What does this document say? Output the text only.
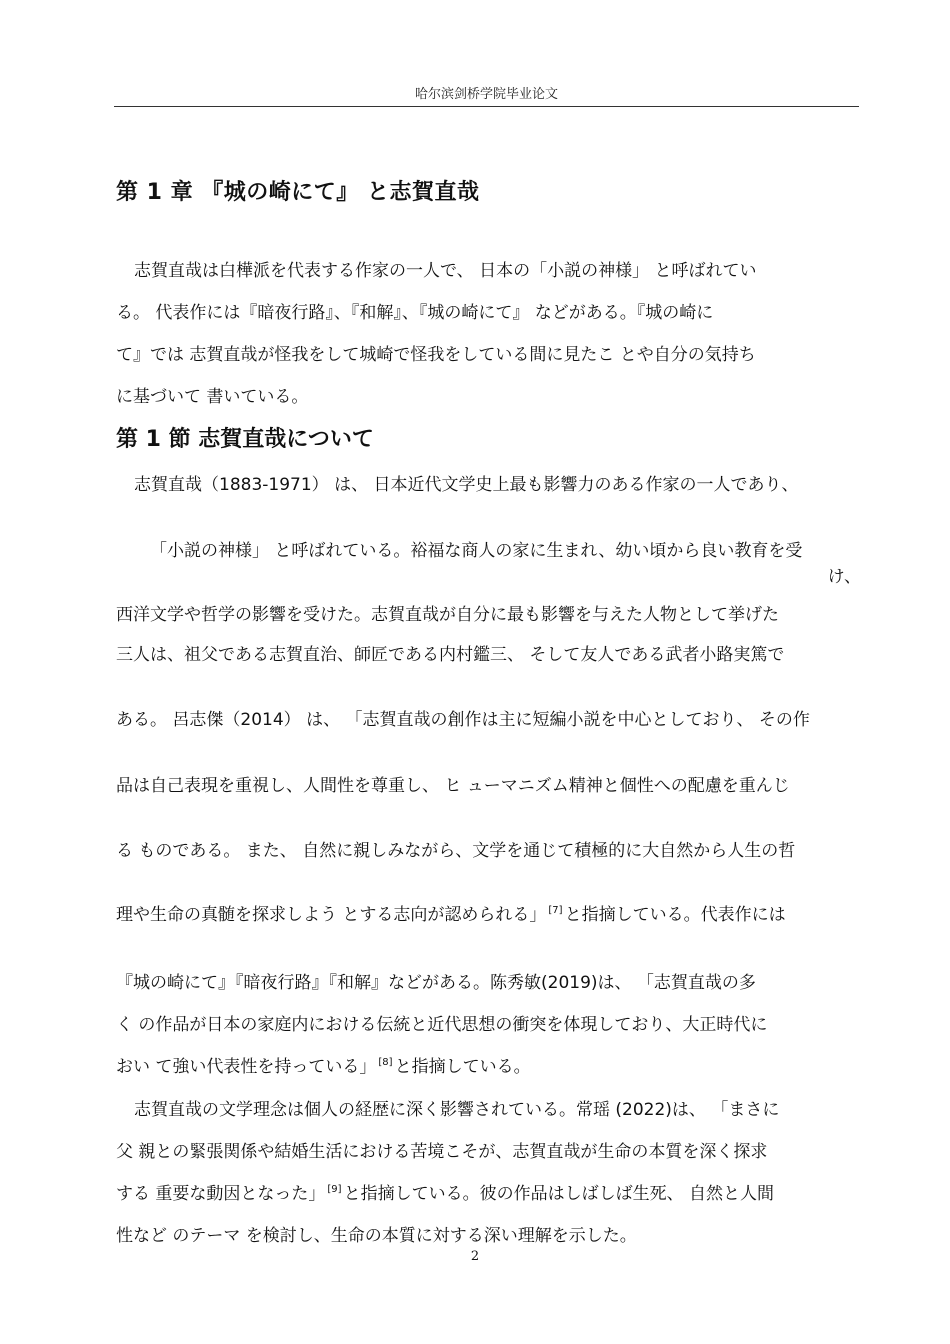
哈尔滨剑桥学院毕业论文
第 1 章 『城の崎にて』 と志賀直哉

志賀直哉は白樺派を代表する作家の一人で、 日本の「小説の神様」 と呼ばれてい

る。 代表作には『暗夜行路』、『和解』、『城の崎にて』 などがある。『城の崎に

て』では 志賀直哉が怪我をして城崎で怪我をしている間に見たこ とや自分の気持ち

に基づいて 書いている。

第 1 節 志賀直哉について

志賀直哉（1883-1971） は、 日本近代文学史上最も影響力のある作家の一人であり、

「小説の神様」 と呼ばれている。裕福な商人の家に生まれ、幼い頃から良い教育を受

け、

西洋文学や哲学の影響を受けた。志賀直哉が自分に最も影響を与えた人物として挙げた

三人は、祖父である志賀直治、師匠である内村鑑三、 そして友人である武者小路実篤で

ある。 呂志傑（2014） は、 「志賀直哉の創作は主に短編小説を中心としており、 その作

品は自己表現を重視し、人間性を尊重し、 ヒ ューマニズム精神と個性への配慮を重んじ

る ものである。 また、 自然に親しみながら、文学を通じて積極的に大自然から人生の哲

理や生命の真髄を探求しよう とする志向が認められる」 [7] と指摘している。代表作には

『城の崎にて』『暗夜行路』『和解』などがある。陈秀敏(2019)は、 「志賀直哉の多

く の作品が日本の家庭内における伝統と近代思想の衝突を体現しており、大正時代に

おい て強い代表性を持っている」 [8] と指摘している。

志賀直哉の文学理念は個人の経歴に深く影響されている。常瑶 (2022)は、 「まさに

父 親との緊張関係や結婚生活における苦境こそが、志賀直哉が生命の本質を深く探求

する 重要な動因となった」 [9] と指摘している。彼の作品はしばしば生死、 自然と人間

性など のテーマ を検討し、生命の本質に対する深い理解を示した。

2
